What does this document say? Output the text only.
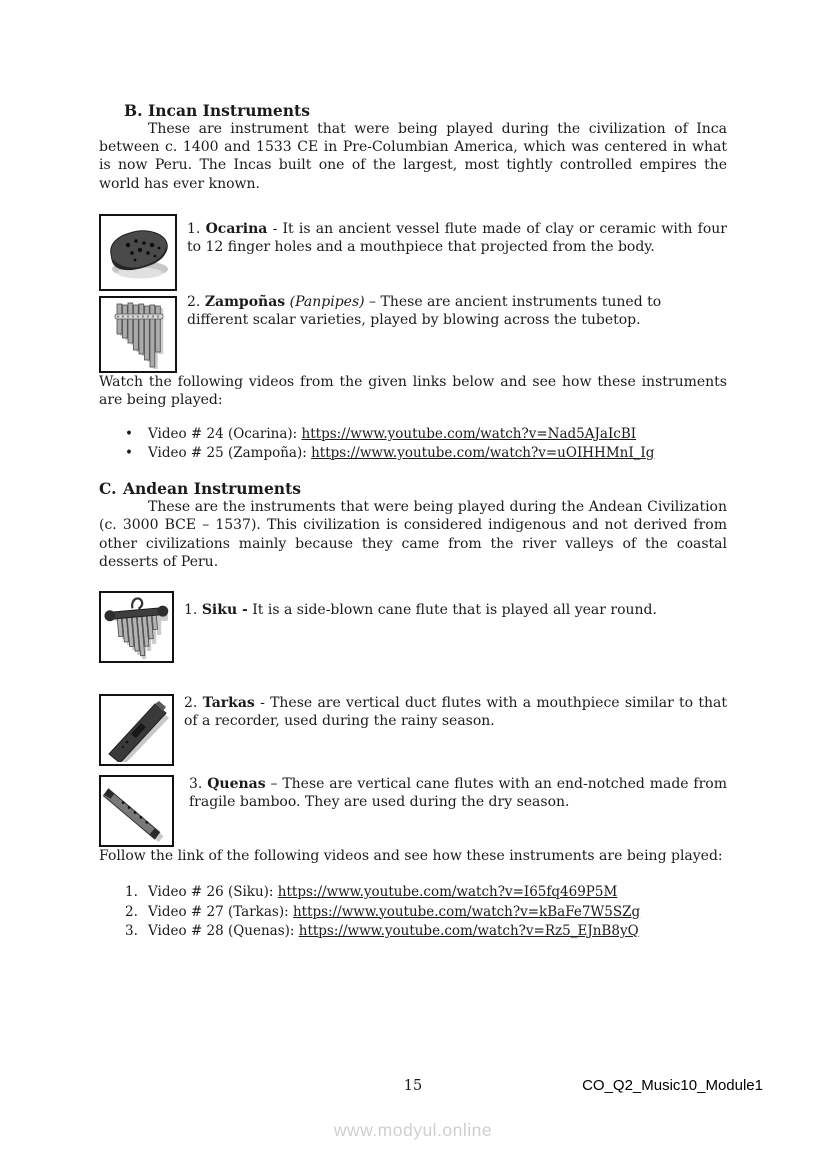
B. Incan Instruments

These are instrument that were being played during the civilization of Inca between c. 1400 and 1533 CE in Pre-Columbian America, which was centered in what is now Peru. The Incas built one of the largest, most tightly controlled empires the world has ever known.

1. Ocarina - It is an ancient vessel flute made of clay or ceramic with four to 12 finger holes and a mouthpiece that projected from the body.

2. Zampoñas (Panpipes) – These are ancient instruments tuned to different scalar varieties, played by blowing across the tubetop.

Watch the following videos from the given links below and see how these instruments are being played:

•	Video # 24 (Ocarina): https://www.youtube.com/watch?v=Nad5AJaIcBI
•	Video # 25 (Zampoña): https://www.youtube.com/watch?v=uOIHHMnI_Ig
C. Andean Instruments

These are the instruments that were being played during the Andean Civilization (c. 3000 BCE – 1537). This civilization is considered indigenous and not derived from other civilizations mainly because they came from the river valleys of the coastal desserts of Peru.

1. Siku - It is a side-blown cane flute that is played all year round.

2. Tarkas - These are vertical duct flutes with a mouthpiece similar to that of a recorder, used during the rainy season.

3. Quenas – These are vertical cane flutes with an end-notched made from fragile bamboo. They are used during the dry season.

Follow the link of the following videos and see how these instruments are being played:

1. Video # 26 (Siku): https://www.youtube.com/watch?v=I65fq469P5M
2. Video # 27 (Tarkas): https://www.youtube.com/watch?v=kBaFe7W5SZg
3. Video # 28 (Quenas): https://www.youtube.com/watch?v=Rz5_EJnB8yQ
15	CO_Q2_Music10_Module1
www.modyul.online
